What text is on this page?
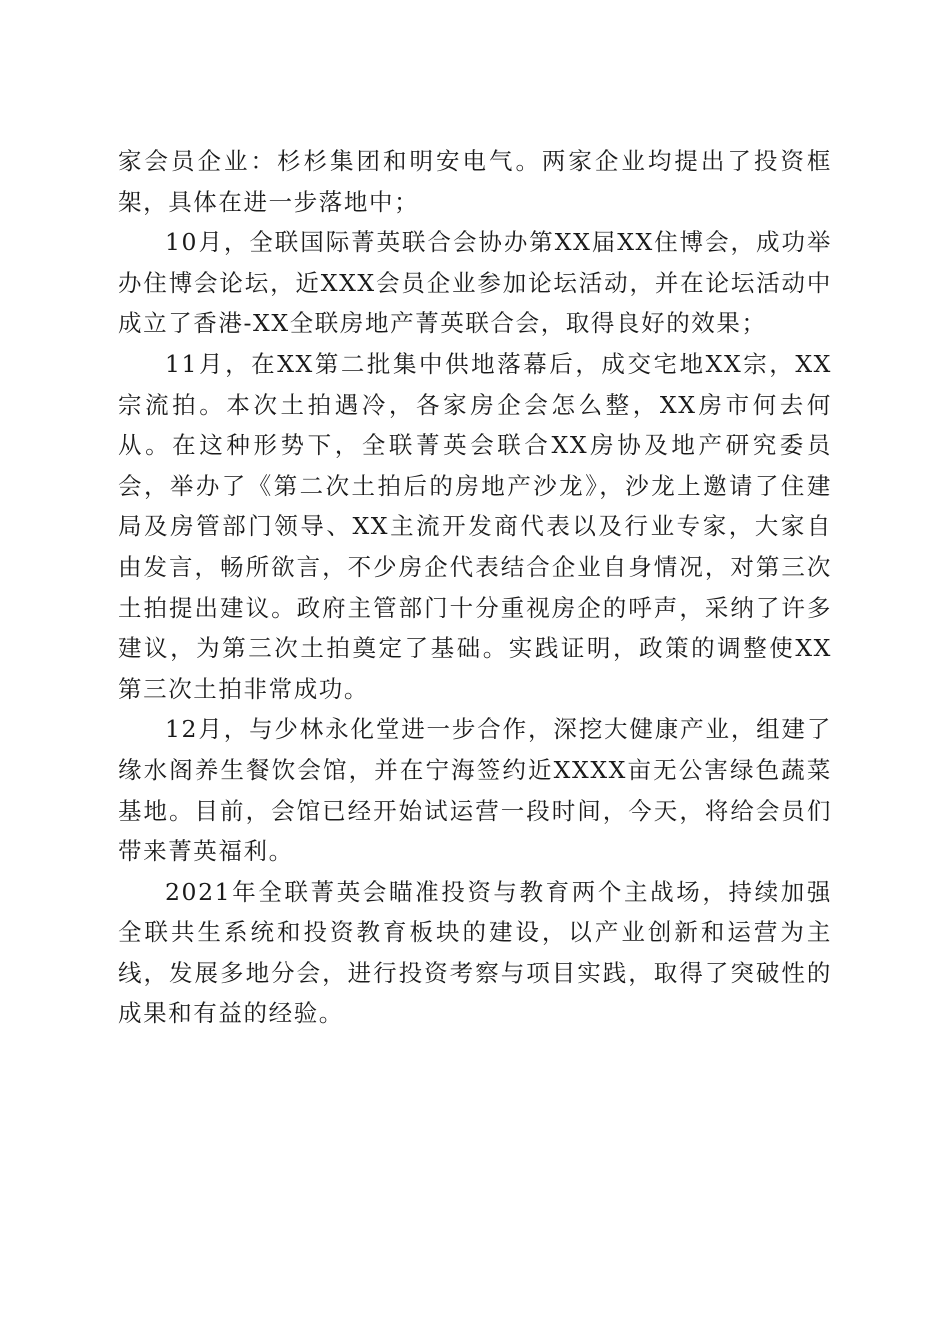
家会员企业：杉杉集团和明安电气。两家企业均提出了投资框架，具体在进一步落地中；

10月，全联国际菁英联合会协办第XX届XX住博会，成功举办住博会论坛，近XXX会员企业参加论坛活动，并在论坛活动中成立了香港-XX全联房地产菁英联合会，取得良好的效果；

11月，在XX第二批集中供地落幕后，成交宅地XX宗，XX宗流拍。本次土拍遇冷，各家房企会怎么整，XX房市何去何从。在这种形势下，全联菁英会联合XX房协及地产研究委员会，举办了《第二次土拍后的房地产沙龙》，沙龙上邀请了住建局及房管部门领导、XX主流开发商代表以及行业专家，大家自由发言，畅所欲言，不少房企代表结合企业自身情况，对第三次土拍提出建议。政府主管部门十分重视房企的呼声，采纳了许多建议，为第三次土拍奠定了基础。实践证明，政策的调整使XX第三次土拍非常成功。

12月，与少林永化堂进一步合作，深挖大健康产业，组建了缘水阁养生餐饮会馆，并在宁海签约近XXXX亩无公害绿色蔬菜基地。目前，会馆已经开始试运营一段时间，今天，将给会员们带来菁英福利。

2021年全联菁英会瞄准投资与教育两个主战场，持续加强全联共生系统和投资教育板块的建设，以产业创新和运营为主线，发展多地分会，进行投资考察与项目实践，取得了突破性的成果和有益的经验。
